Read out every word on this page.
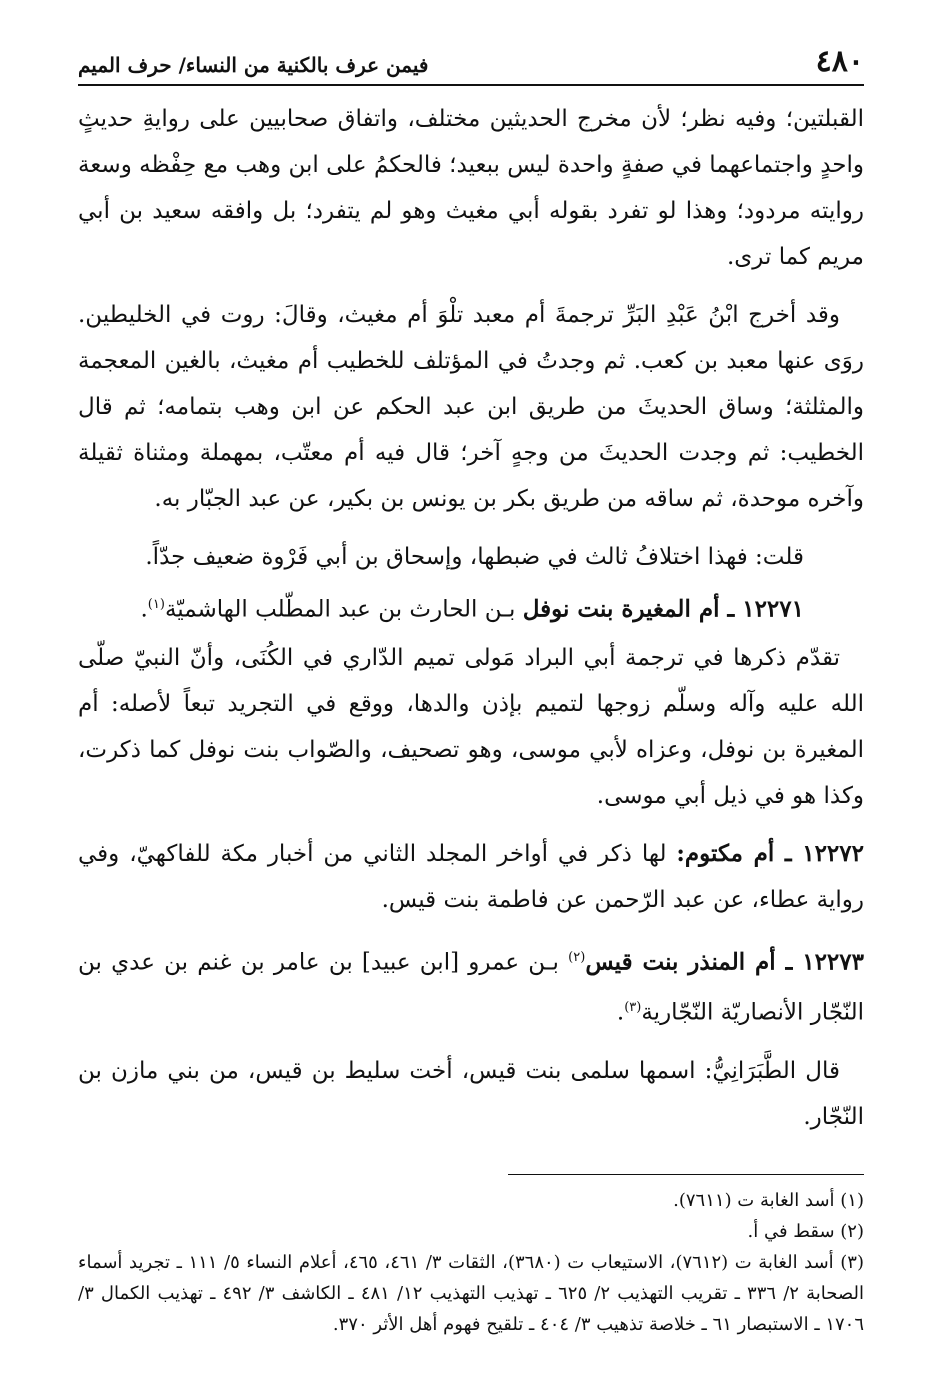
٤٨٠
فيمن عرف بالكنية من النساء/ حرف الميم

القبلتين؛ وفيه نظر؛ لأن مخرج الحديثين مختلف، واتفاق صحابيين على روايةِ حديثٍ واحدٍ واجتماعهما في صفةٍ واحدة ليس ببعيد؛ فالحكمُ على ابن وهب مع حِفْظه وسعة روايته مردود؛ وهذا لو تفرد بقوله أبي مغيث وهو لم يتفرد؛ بل وافقه سعيد بن أبي مريم كما ترى.

وقد أخرج ابْنُ عَبْدِ البَرِّ ترجمةَ أم معبد تلْوَ أم مغيث، وقالَ: روت في الخليطين. روَى عنها معبد بن كعب. ثم وجدتُ في المؤتلف للخطيب أم مغيث، بالغين المعجمة والمثلثة؛ وساق الحديثَ من طريق ابن عبد الحكم عن ابن وهب بتمامه؛ ثم قال الخطيب: ثم وجدت الحديثَ من وجهٍ آخر؛ قال فيه أم معتّب، بمهملة ومثناة ثقيلة وآخره موحدة، ثم ساقه من طريق بكر بن يونس بن بكير، عن عبد الجبّار به.

قلت: فهذا اختلافُ ثالث في ضبطها، وإسحاق بن أبي فَرْوة ضعيف جدّاً.

١٢٢٧١ ـ أم المغيرة بنت نوفل بـن الحارث بن عبد المطّلب الهاشميّة$^{(١)}$.

تقدّم ذكرها في ترجمة أبي البراد مَولى تميم الدّاري في الكُنَى، وأنّ النبيّ صلّى الله عليه وآله وسلّم زوجها لتميم بإذن والدها، ووقع في التجريد تبعاً لأصله: أم المغيرة بن نوفل، وعزاه لأبي موسى، وهو تصحيف، والصّواب بنت نوفل كما ذكرت، وكذا هو في ذيل أبي موسى.

١٢٢٧٢ ـ أم مكتوم: لها ذكر في أواخر المجلد الثاني من أخبار مكة للفاكهيّ، وفي رواية عطاء، عن عبد الرّحمن عن فاطمة بنت قيس.

١٢٢٧٣ ـ أم المنذر بنت قيس$^{(٢)}$ بـن عمرو [ابن عبيد] بن عامر بن غنم بن عدي بن النّجّار الأنصاريّة النّجّارية$^{(٣)}$.

قال الطَّبَرَانِيُّ: اسمها سلمى بنت قيس، أخت سليط بن قيس، من بني مازن بن النّجّار.

(١) أسد الغابة ت (٧٦١١).

(٢) سقط في أ.

(٣) أسد الغابة ت (٧٦١٢)، الاستيعاب ت (٣٦٨٠)، الثقات ٣/ ٤٦١، ٤٦٥، أعلام النساء ٥/ ١١١ ـ تجريد أسماء الصحابة ٢/ ٣٣٦ ـ تقريب التهذيب ٢/ ٦٢٥ ـ تهذيب التهذيب ١٢/ ٤٨١ ـ الكاشف ٣/ ٤٩٢ ـ تهذيب الكمال ٣/ ١٧٠٦ ـ الاستبصار ٦١ ـ خلاصة تذهيب ٣/ ٤٠٤ ـ تلقيح فهوم أهل الأثر ٣٧٠.
